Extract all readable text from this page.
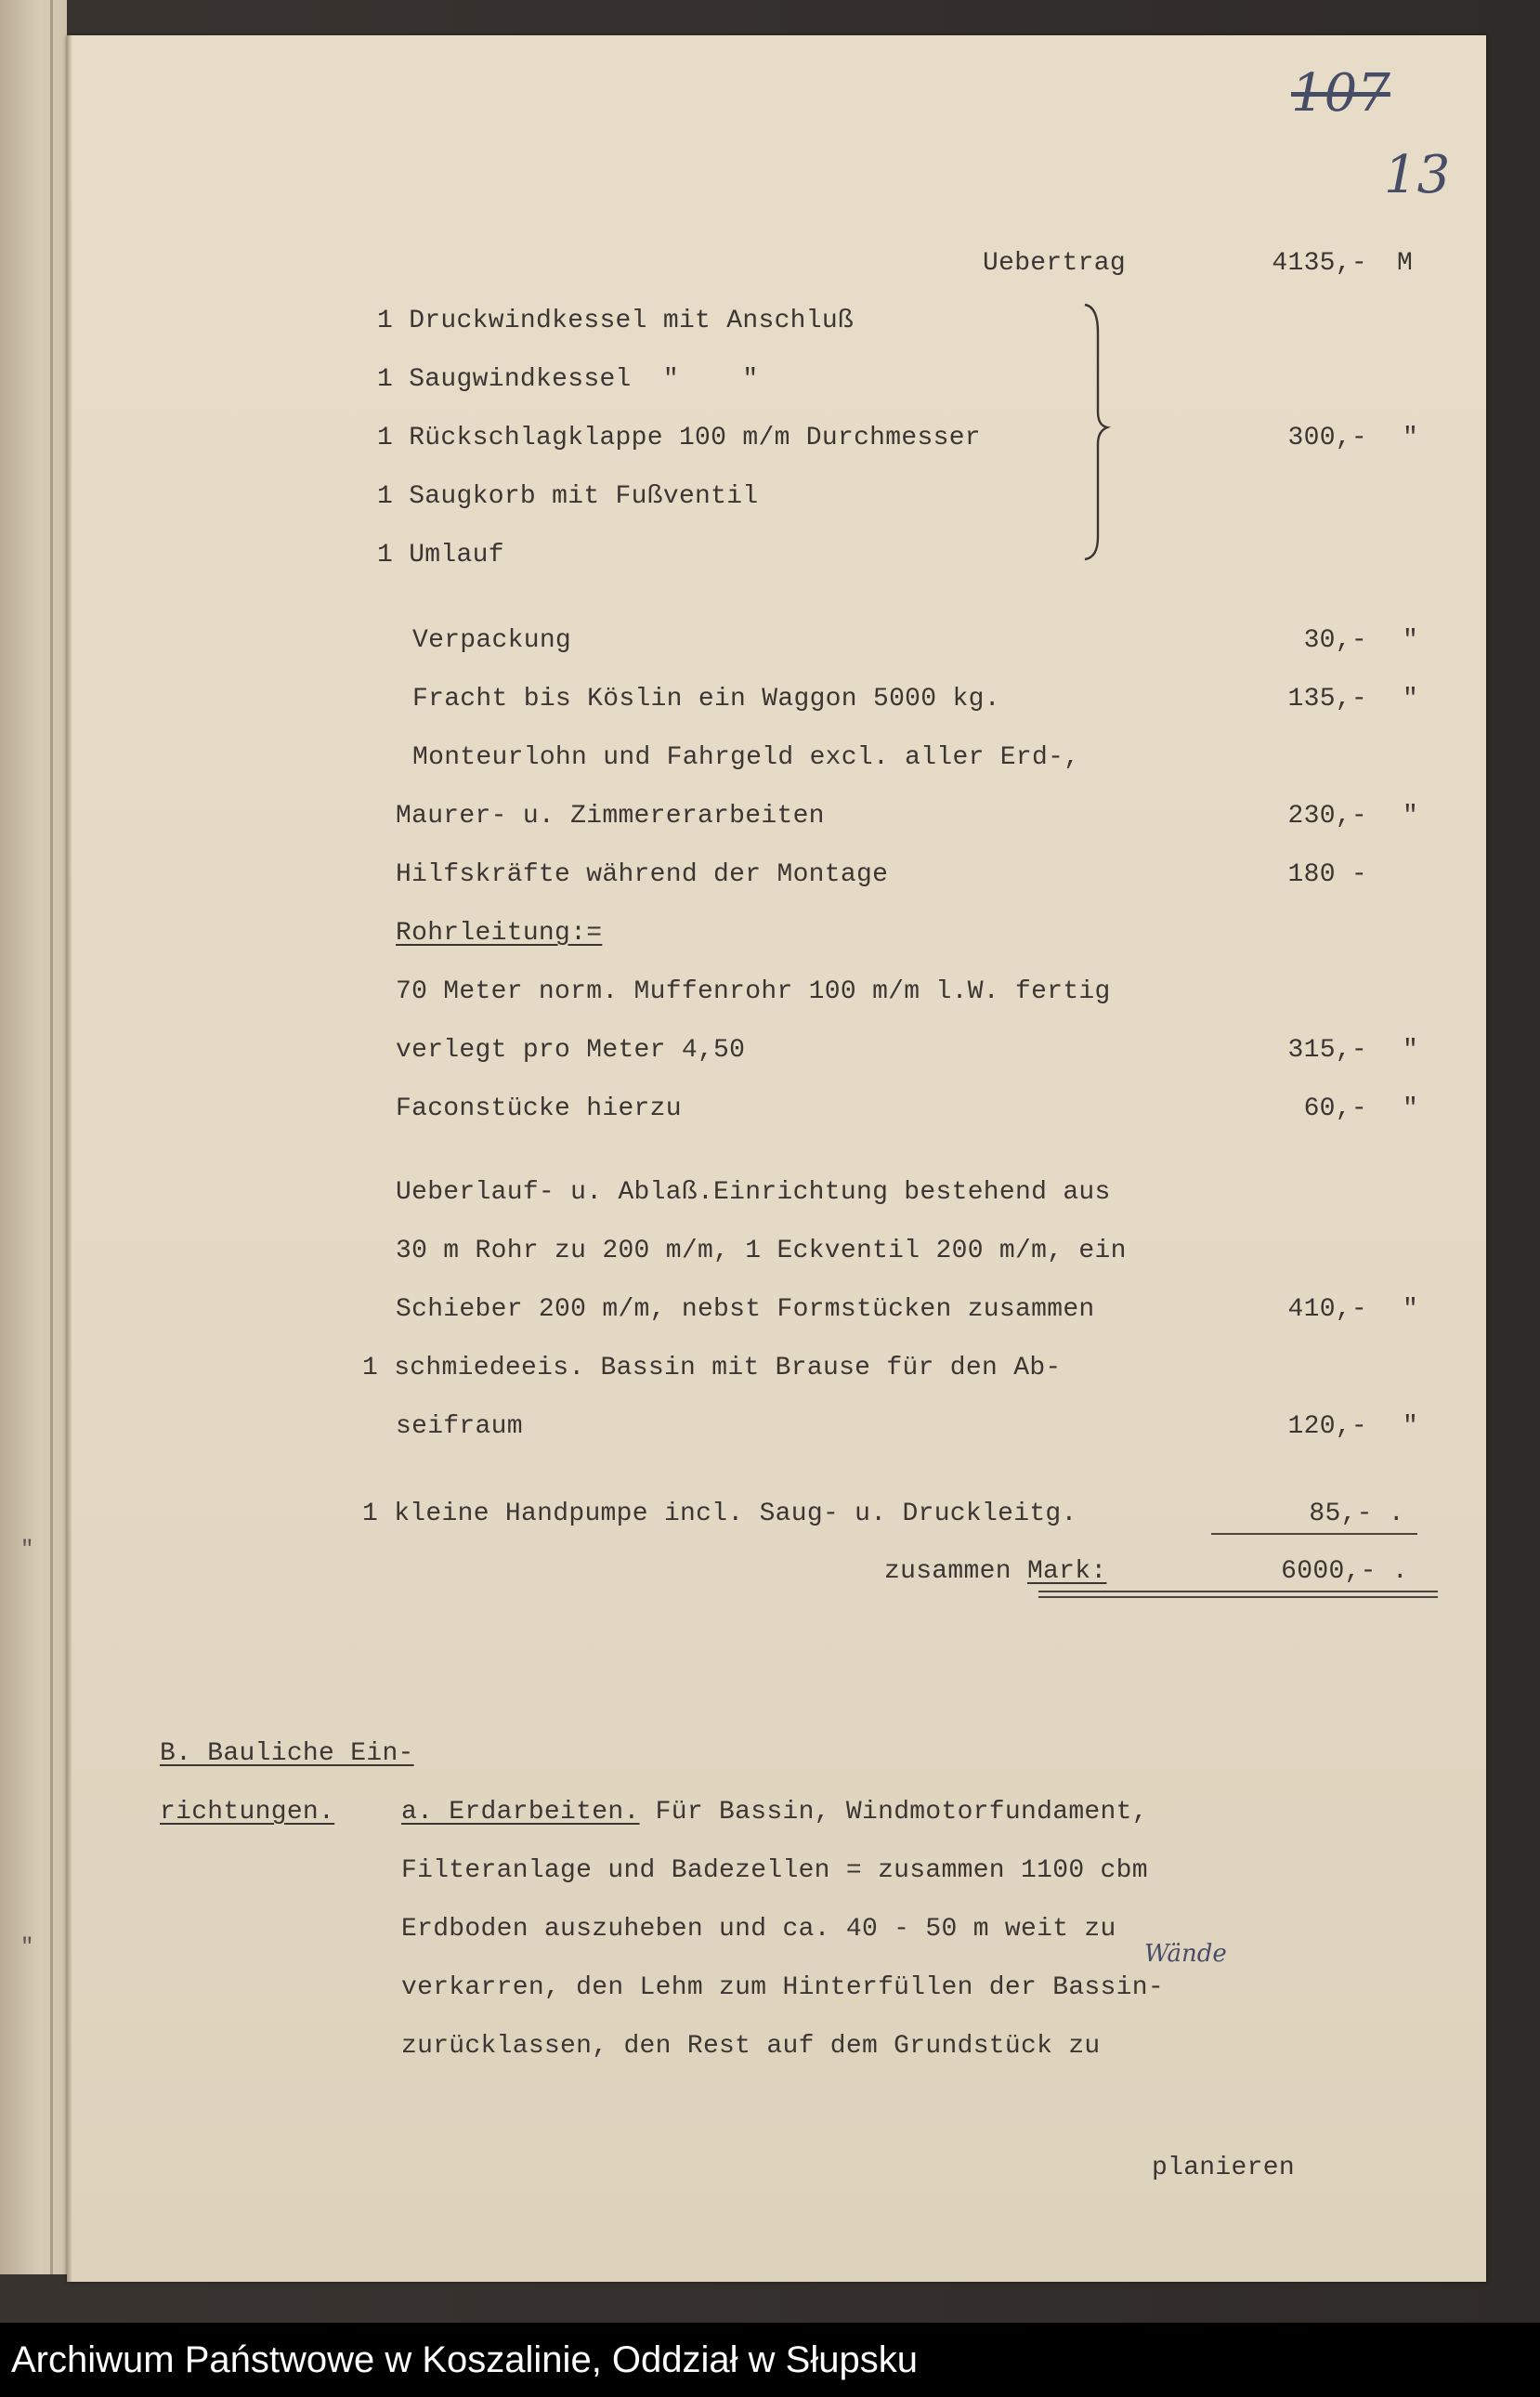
"
"
107
13
Uebertrag	4135,- M
1 Druckwindkessel mit Anschluß
1 Saugwindkessel  "    "
1 Rückschlagklappe 100 m/m Durchmesser
1 Saugkorb mit Fußventil
1 Umlauf
300,- "
Verpackung	30,- "
Fracht bis Köslin ein Waggon 5000 kg.	135,- "
Monteurlohn und Fahrgeld excl. aller Erd-,
Maurer- u. Zimmererarbeiten	230,- "
Hilfskräfte während der Montage	180 -
Rohrleitung:=
70 Meter norm. Muffenrohr 100 m/m l.W. fertig
verlegt pro Meter 4,50	315,- "
Faconstücke hierzu	60,- "
Ueberlauf- u. Ablaß.Einrichtung bestehend aus
30 m Rohr zu 200 m/m, 1 Eckventil 200 m/m, ein
Schieber 200 m/m, nebst Formstücken zusammen	410,- "
1 schmiedeeis. Bassin mit Brause für den Ab-
seifraum	120,- "
1 kleine Handpumpe incl. Saug- u. Druckleitg.	85,- .
zusammen Mark:	6000,- .
B. Bauliche Ein-
richtungen.	a. Erdarbeiten. Für Bassin, Windmotorfundament,
Filteranlage und Badezellen = zusammen 1100 cbm
Erdboden auszuheben und ca. 40 - 50 m weit zu
Wände
verkarren, den Lehm zum Hinterfüllen der Bassin-
zurücklassen, den Rest auf dem Grundstück zu
planieren
Archiwum Państwowe w Koszalinie, Oddział w Słupsku
